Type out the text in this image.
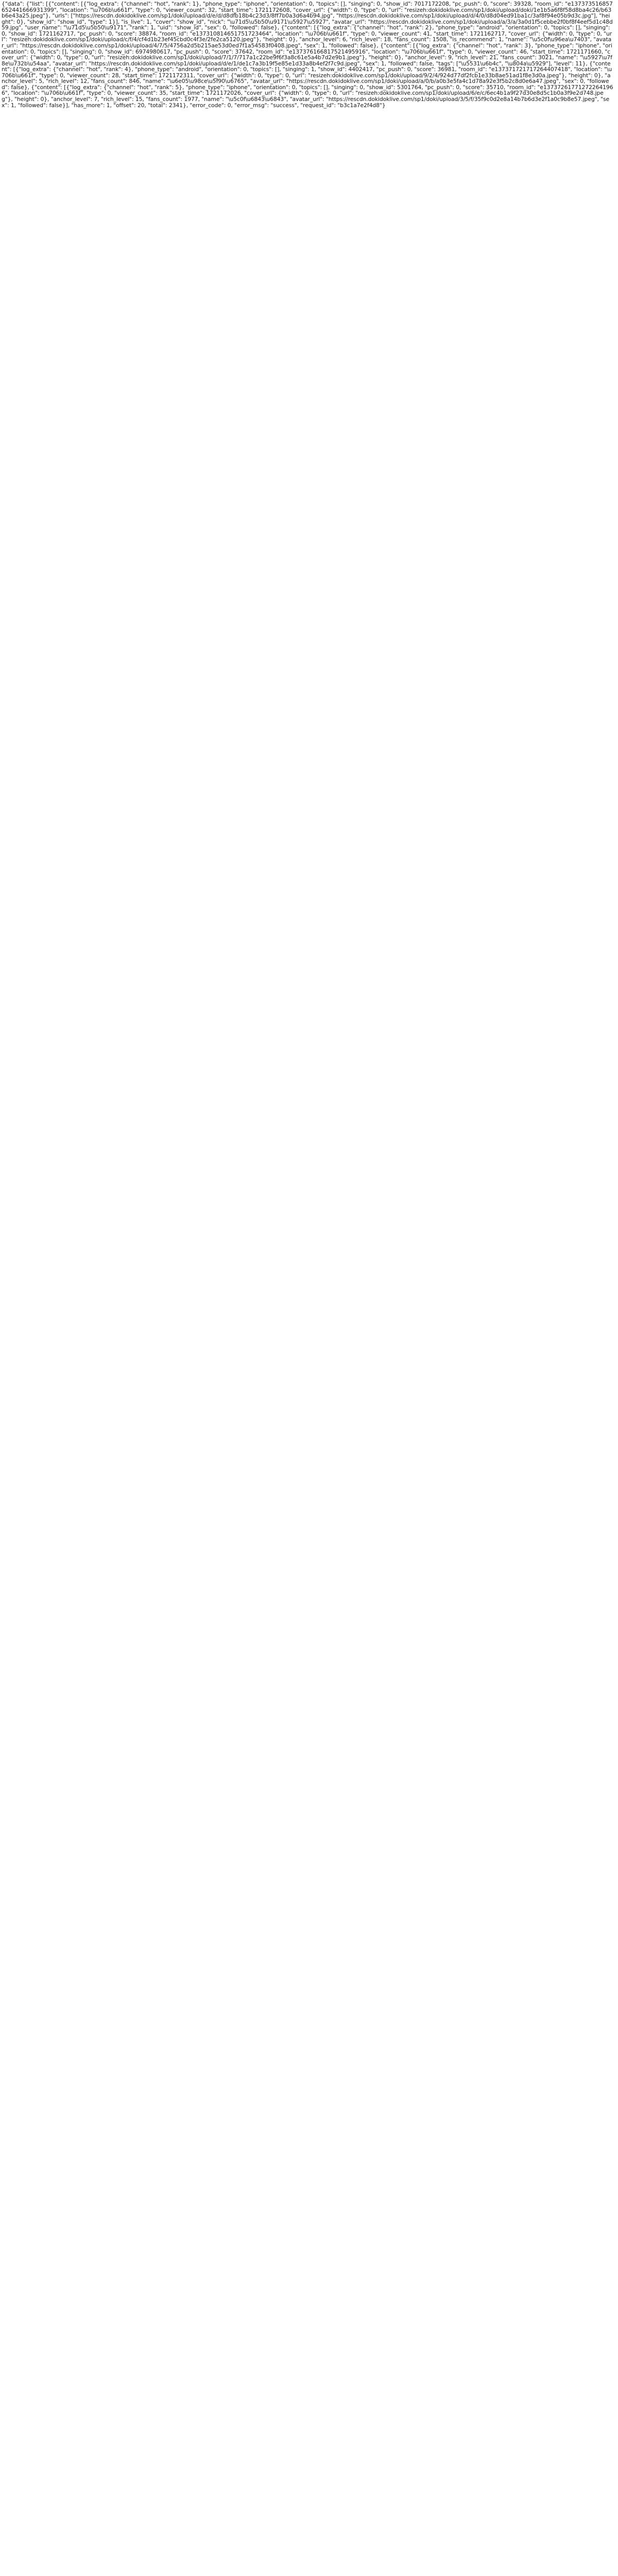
{"data": {"list": [{"content": [{"log_extra": {"channel": "hot", "rank": 1}, "phone_type": "iphone", "orientation": 0, "topics": [], "singing": 0, "show_id": 7017172208, "pc_push": 0, "score": 39328, "room_id": "e137373516857652441666931399", "location": "\u706b\u661f", "type": 0, "viewer_count": 32, "start_time": 1721172608, "cover_url": {"width": 0, "type": 0, "url": "resizeh:dokidoklive.com/sp1/doki/upload/doki/1e1b5a6f8f58d8ba4c26/b63b6e43a25.jpeg"}, "urls": ["https://rescdn.dokidoklive.com/sp1/doki/upload/d/e/d/d8dfb18b4c23d3/8ff7b0a3d6a4b94.jpg", "https://rescdn.dokidoklive.com/sp1/doki/upload/d/4/0/d8d04ed91ba1c/3af8f94e05b9d3c.jpg"], "height": 0}, "show_id": "show_id", "type": 1}], "is_live": 1, "cover": "show_id", "nick": "\u71d5\u5b50\u9171\u5927\u5927", "avatar_url": "https://rescdn.dokidoklive.com/sp1/doki/upload/a/3/a/3a0d1f5cebbe2f0bf8f4eef5d1c48d59.jpg", "user_name": "\u71d5\u5b50\u9171", "rank": 1, "uid": "show_id", "sex": 0, "followed": false}, {"content": [{"log_extra": {"channel": "hot", "rank": 2}, "phone_type": "android", "orientation": 0, "topics": [], "singing": 0, "show_id": 1721162717, "pc_push": 0, "score": 38874, "room_id": "e137310814651751723464", "location": "\u706b\u661f", "type": 0, "viewer_count": 41, "start_time": 1721162717, "cover_url": {"width": 0, "type": 0, "url": "resizeh:dokidoklive.com/sp1/doki/upload/c/f/4/cf4d1b23ef45cbd0c4f3e/2fe2ca5120.jpeg"}, "height": 0}, "anchor_level": 6, "rich_level": 18, "fans_count": 1508, "is_recommend": 1, "name": "\u5c0f\u96ea\u7403", "avatar_url": "https://rescdn.dokidoklive.com/sp1/doki/upload/4/7/5/4756a2d5b215ae53d0ed7f1a54583f0408.jpeg", "sex": 1, "followed": false}, {"content": [{"log_extra": {"channel": "hot", "rank": 3}, "phone_type": "iphone", "orientation": 0, "topics": [], "singing": 0, "show_id": 6974980617, "pc_push": 0, "score": 37642, "room_id": "e137376166817521495916", "location": "\u706b\u661f", "type": 0, "viewer_count": 46, "start_time": 1721171660, "cover_url": {"width": 0, "type": 0, "url": "resizeh:dokidoklive.com/sp1/doki/upload/7/1/7/717a1c22be9f6f3a8c61e5a4b7d2e9b1.jpeg"}, "height": 0}, "anchor_level": 9, "rich_level": 21, "fans_count": 3021, "name": "\u5927\u7f8e\u732b\u54aa", "avatar_url": "https://rescdn.dokidoklive.com/sp1/doki/upload/d/e/1/de1c7a3b19f5e85e1d33a8b4ef2f7c9d.jpeg", "sex": 1, "followed": false, "tags": ["\u5531\u6b4c", "\u804a\u5929"], "level": 11}, {"content": [{"log_extra": {"channel": "hot", "rank": 4}, "phone_type": "android", "orientation": 0, "topics": [], "singing": 1, "show_id": 4402417, "pc_push": 0, "score": 36981, "room_id": "e137371721717264407418", "location": "\u706b\u661f", "type": 0, "viewer_count": 28, "start_time": 1721172311, "cover_url": {"width": 0, "type": 0, "url": "resizeh:dokidoklive.com/sp1/doki/upload/9/2/4/924d77df2fcb1e33b8ae51ad1f8e3d0a.jpeg"}, "height": 0}, "anchor_level": 5, "rich_level": 12, "fans_count": 846, "name": "\u6e05\u98ce\u5f90\u6765", "avatar_url": "https://rescdn.dokidoklive.com/sp1/doki/upload/a/0/b/a0b3e5fa4c1d78a92e3f5b2c8d0e6a47.jpeg", "sex": 0, "followed": false}, {"content": [{"log_extra": {"channel": "hot", "rank": 5}, "phone_type": "iphone", "orientation": 0, "topics": [], "singing": 0, "show_id": 5301764, "pc_push": 0, "score": 35710, "room_id": "e137372617712722641966", "location": "\u706b\u661f", "type": 0, "viewer_count": 35, "start_time": 1721172026, "cover_url": {"width": 0, "type": 0, "url": "resizeh:dokidoklive.com/sp1/doki/upload/6/e/c/6ec4b1a9f27d30e8d5c1b0a3f9e2d748.jpeg"}, "height": 0}, "anchor_level": 7, "rich_level": 15, "fans_count": 1977, "name": "\u5c0f\u6843\u6843", "avatar_url": "https://rescdn.dokidoklive.com/sp1/doki/upload/3/5/f/35f9c0d2e8a14b7b6d3e2f1a0c9b8e57.jpeg", "sex": 1, "followed": false}], "has_more": 1, "offset": 20, "total": 2341}, "error_code": 0, "error_msg": "success", "request_id": "b3c1a7e2f4d8"}
